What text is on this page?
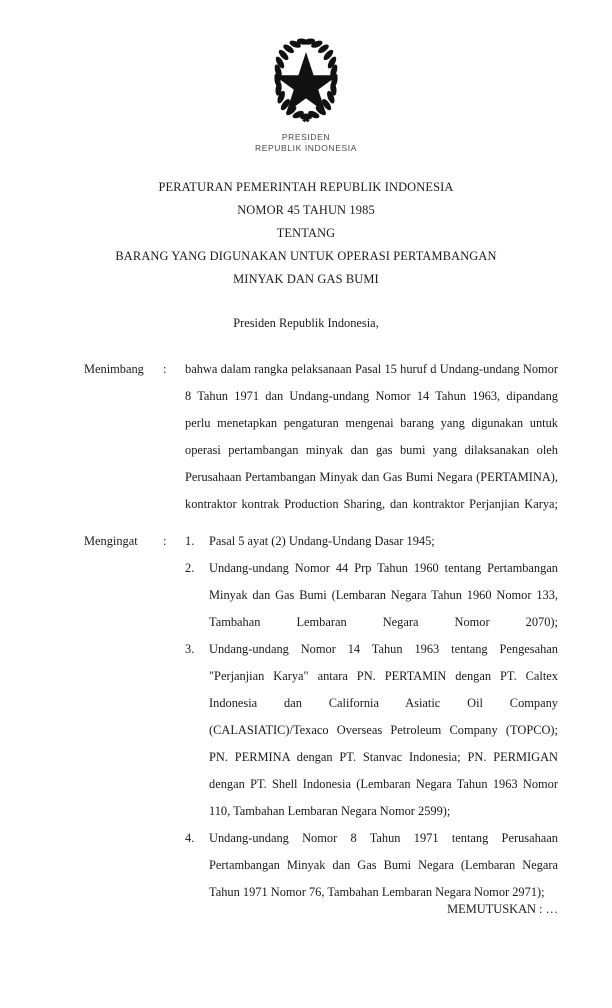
PRESIDEN
REPUBLIK INDONESIA
PERATURAN PEMERINTAH REPUBLIK INDONESIA
NOMOR 45 TAHUN 1985
TENTANG
BARANG YANG DIGUNAKAN UNTUK OPERASI PERTAMBANGAN
MINYAK DAN GAS BUMI
Presiden Republik Indonesia,
Menimbang	:	bahwa dalam rangka pelaksanaan Pasal 15 huruf d Undang-undang Nomor 8 Tahun 1971 dan Undang-undang Nomor 14 Tahun 1963, dipandang perlu menetapkan pengaturan mengenai barang yang digunakan untuk operasi pertambangan minyak dan gas bumi yang dilaksanakan oleh Perusahaan Pertambangan Minyak dan Gas Bumi Negara (PERTAMINA), kontraktor kontrak Production Sharing, dan kontraktor Perjanjian Karya;

Mengingat	:	1.	Pasal 5 ayat (2) Undang-Undang Dasar 1945;
2.	Undang-undang Nomor 44 Prp Tahun 1960 tentang Pertambangan Minyak dan Gas Bumi (Lembaran Negara Tahun 1960 Nomor 133, Tambahan Lembaran Negara Nomor 2070);
3.	Undang-undang Nomor 14 Tahun 1963 tentang Pengesahan "Perjanjian Karya" antara PN. PERTAMIN dengan PT. Caltex Indonesia dan California Asiatic Oil Company (CALASIATIC)/Texaco Overseas Petroleum Company (TOPCO); PN. PERMINA dengan PT. Stanvac Indonesia; PN. PERMIGAN dengan PT. Shell Indonesia (Lembaran Negara Tahun 1963 Nomor 110, Tambahan Lembaran Negara Nomor 2599);
4.	Undang-undang Nomor 8 Tahun 1971 tentang Perusahaan Pertambangan Minyak dan Gas Bumi Negara (Lembaran Negara Tahun 1971 Nomor 76, Tambahan Lembaran Negara Nomor 2971);
MEMUTUSKAN : …
